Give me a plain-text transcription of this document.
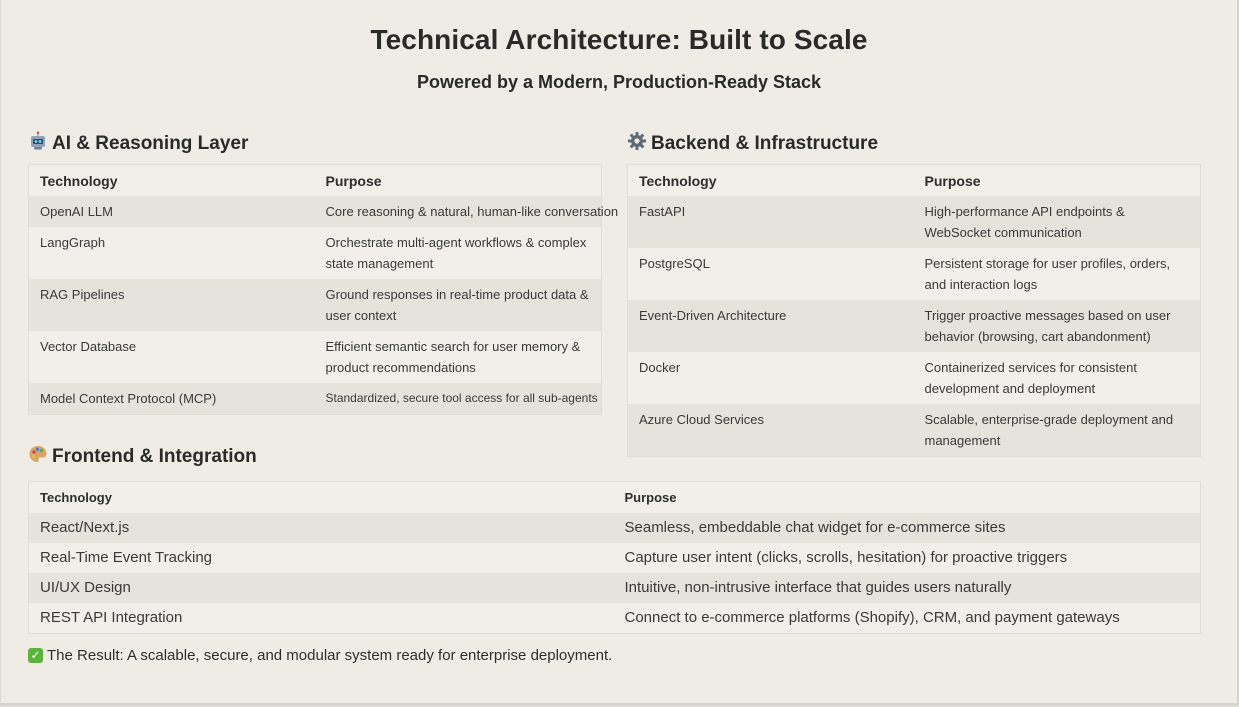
Technical Architecture: Built to Scale
Powered by a Modern, Production-Ready Stack
AI & Reasoning Layer
Technology	Purpose
OpenAI LLM	Core reasoning & natural, human-like conversation
LangGraph	Orchestrate multi-agent workflows & complex state management
RAG Pipelines	Ground responses in real-time product data & user context
Vector Database	Efficient semantic search for user memory & product recommendations
Model Context Protocol (MCP)	Standardized, secure tool access for all sub-agents
Backend & Infrastructure
Technology	Purpose
FastAPI	High-performance API endpoints & WebSocket communication
PostgreSQL	Persistent storage for user profiles, orders, and interaction logs
Event-Driven Architecture	Trigger proactive messages based on user behavior (browsing, cart abandonment)
Docker	Containerized services for consistent development and deployment
Azure Cloud Services	Scalable, enterprise-grade deployment and management
Frontend & Integration
Technology	Purpose
React/Next.js	Seamless, embeddable chat widget for e-commerce sites
Real-Time Event Tracking	Capture user intent (clicks, scrolls, hesitation) for proactive triggers
UI/UX Design	Intuitive, non-intrusive interface that guides users naturally
REST API Integration	Connect to e-commerce platforms (Shopify), CRM, and payment gateways
✓ The Result: A scalable, secure, and modular system ready for enterprise deployment.
